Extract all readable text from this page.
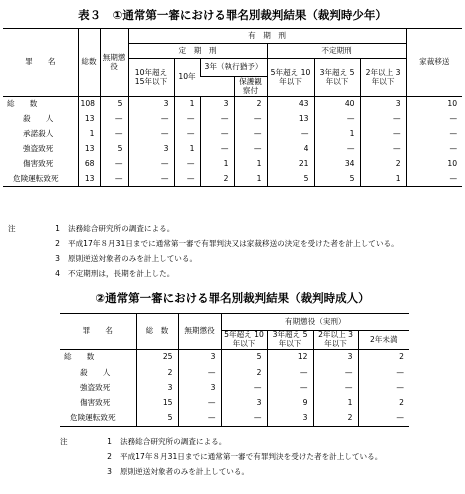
表３　①通常第一審における罪名別裁判結果（裁判時少年）
罪　　名	総数	無期懲役	有　期　刑							家裁移送
			定　期　刑				不定期刑			
			10年超え 15年以下	10年	3年（執行猶予）		5年超え 10年以下	3年超え 5年以下	2年以上 3年以下	
						保護観察付				
総　　数	108	5	3	1	3	2	43	40	3	10
殺　　人	13	—	—	—	—	—	13	—	—	—
承諾殺人	1	—	—	—	—	—	—	1	—	—
強盗致死	13	5	3	1	—	—	4	—	—	—
傷害致死	68	—	—	—	1	1	21	34	2	10
危険運転致死	13	—	—	—	2	1	5	5	1	—
注	1 法務総合研究所の調査による。
2 平成17年８月31日までに通常第一審で有罪判決又は家裁移送の決定を受けた者を計上している。
3 原則逆送対象者のみを計上している。
4 不定期刑は，長期を計上した。
②通常第一審における罪名別裁判結果（裁判時成人）
罪　　名	総　数	無期懲役	有期懲役（実刑）			
			5年超え 10年以下	3年超え 5年以下	2年以上 3年以下	2年未満

総　　数	25	3	5	12	3	2
殺　　人	2	—	2	—	—	—
強盗致死	3	3	—	—	—	—
傷害致死	15	—	3	9	1	2
危険運転致死	5	—	—	3	2	—
注	1 法務総合研究所の調査による。
2 平成17年８月31日までに通常第一審で有罪判決を受けた者を計上している。
3 原則逆送対象者のみを計上している。
